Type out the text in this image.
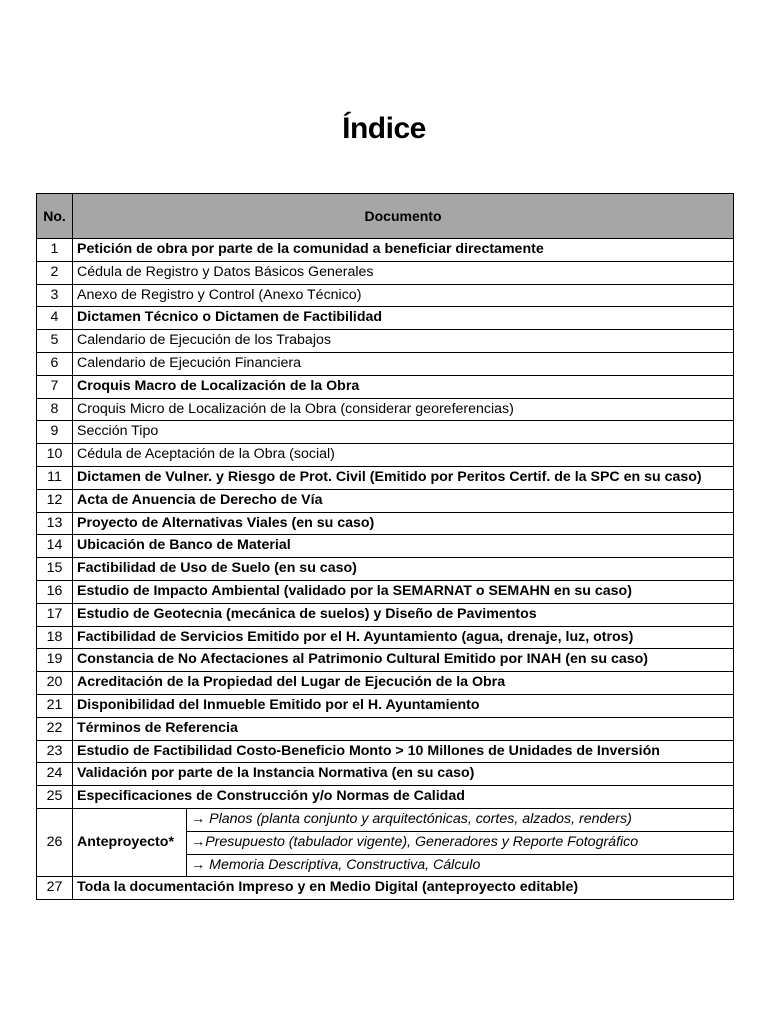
Índice
No.	Documento	
1	Petición de obra por parte de la comunidad a beneficiar directamente	
2	Cédula de Registro y Datos Básicos Generales	
3	Anexo de Registro y Control (Anexo Técnico)	
4	Dictamen Técnico o Dictamen de Factibilidad	
5	Calendario de Ejecución de los Trabajos	
6	Calendario de Ejecución Financiera	
7	Croquis Macro de Localización de la Obra	
8	Croquis Micro de Localización de la Obra (considerar georeferencias)	
9	Sección Tipo	
10	Cédula de Aceptación de la Obra (social)	
11	Dictamen de Vulner. y Riesgo de Prot. Civil (Emitido por Peritos Certif. de la SPC en su caso)	
12	Acta de Anuencia de Derecho de Vía	
13	Proyecto de Alternativas Viales (en su caso)	
14	Ubicación de Banco de Material	
15	Factibilidad de Uso de Suelo (en su caso)	
16	Estudio de Impacto Ambiental (validado por la SEMARNAT o SEMAHN en su caso)	
17	Estudio de Geotecnia (mecánica de suelos) y Diseño de Pavimentos	
18	Factibilidad de Servicios Emitido por el H. Ayuntamiento (agua, drenaje, luz, otros)	
19	Constancia de No Afectaciones al Patrimonio Cultural Emitido por INAH (en su caso)	
20	Acreditación de la Propiedad del Lugar de Ejecución de la Obra	
21	Disponibilidad del Inmueble Emitido por el H. Ayuntamiento	
22	Términos de Referencia	
23	Estudio de Factibilidad Costo-Beneficio Monto > 10 Millones de Unidades de Inversión	
24	Validación por parte de la Instancia Normativa (en su caso)	
25	Especificaciones de Construcción y/o Normas de Calidad	
26	Anteproyecto*	→ Planos (planta conjunto y arquitectónicas, cortes, alzados, renders)
		→Presupuesto (tabulador vigente), Generadores y Reporte Fotográfico
		→ Memoria Descriptiva, Constructiva, Cálculo
27	Toda la documentación Impreso y en Medio Digital (anteproyecto editable)	
